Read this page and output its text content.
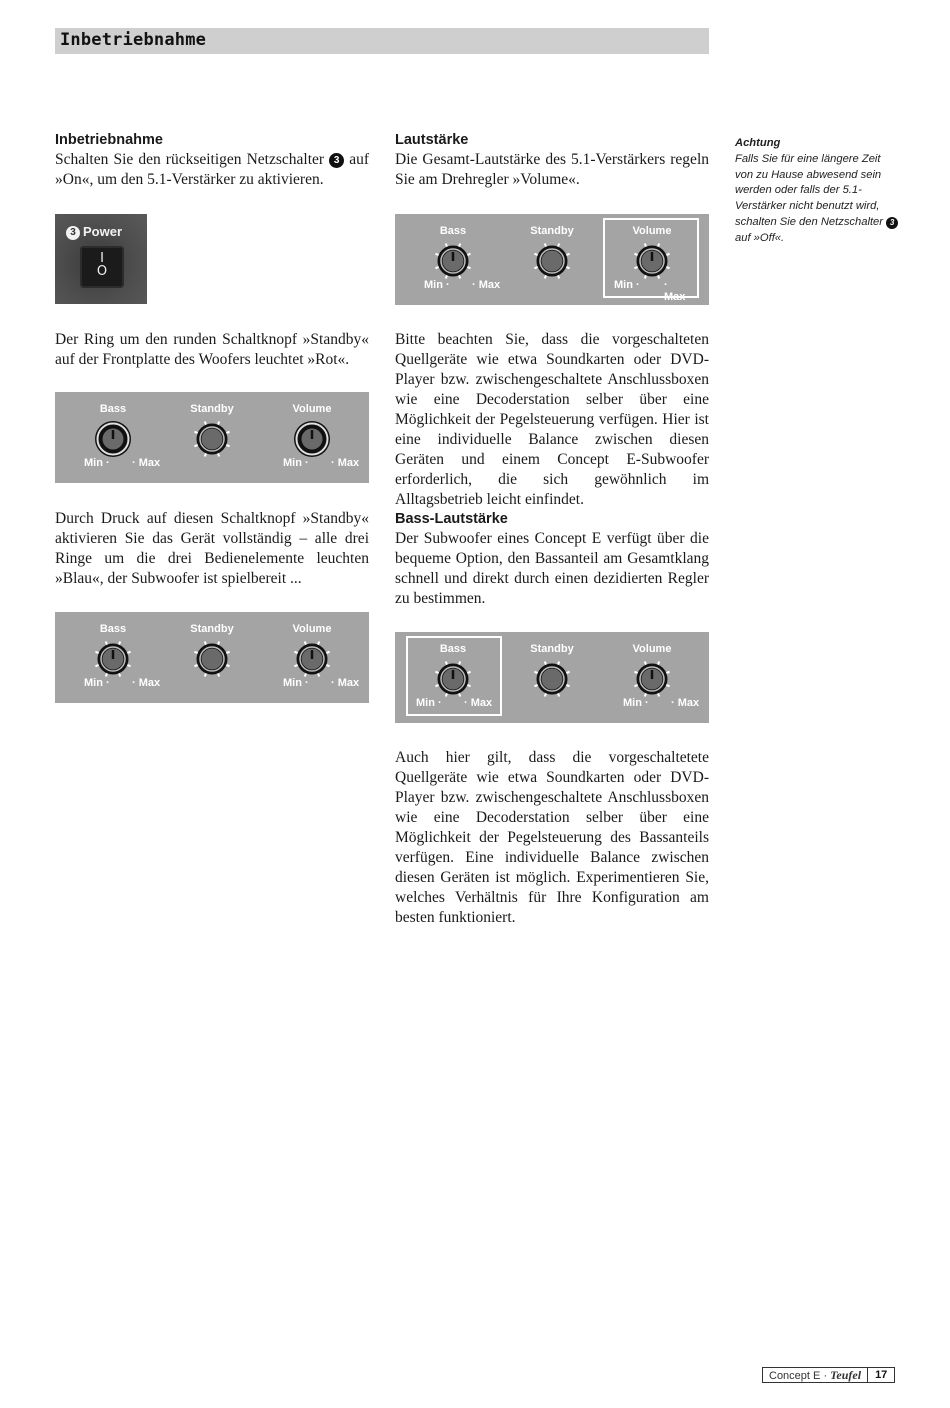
Inbetriebnahme
Inbetriebnahme
Schalten Sie den rückseitigen Netzschalter 3 auf »On«, um den 5.1-Verstärker zu aktivieren.
3 Power
I
O
Lautstärke
Die Gesamt-Lautstärke des 5.1-Verstärkers regeln Sie am Drehregler »Volume«.
Achtung
Falls Sie für eine längere Zeit von zu Hause abwesend sein werden oder falls der 5.1-Verstärker nicht benutzt wird, schalten Sie den Netzschalter 3 auf »Off«.
Bass
Min · · Max
Standby	Volume
Min · · Max
Der Ring um den runden Schaltknopf »Standby« auf der Frontplatte des Woofers leuchtet »Rot«.
Bass
Min · · Max
Standby	Volume
Min · · Max
Bitte beachten Sie, dass die vorgeschalteten Quellgeräte wie etwa Soundkarten oder DVD-Player bzw. zwischengeschaltete Anschlussboxen wie eine Decoderstation selber über eine Möglichkeit der Pegelsteuerung verfügen. Hier ist eine individuelle Balance zwischen diesen Geräten und einem Concept E-Subwoofer erforderlich, die sich gewöhnlich im Alltagsbetrieb leicht einfindet.
Durch Druck auf diesen Schaltknopf »Standby« aktivieren Sie das Gerät vollständig – alle drei Ringe um die drei Bedienelemente leuchten »Blau«, der Subwoofer ist spielbereit ...
Bass-Lautstärke
Der Subwoofer eines Concept E verfügt über die bequeme Option, den Bassanteil am Gesamtklang schnell und direkt durch einen dezidierten Regler zu bestimmen.
Bass
Min · · Max
Standby	Volume
Min · · Max
Bass
Min · · Max
Standby	Volume
Min · · Max
Auch hier gilt, dass die vorgeschaltetete Quellgeräte wie etwa Soundkarten oder DVD-Player bzw. zwischengeschaltete Anschlussboxen wie eine Decoderstation selber über eine Möglichkeit der Pegelsteuerung des Bassanteils verfügen. Eine individuelle Balance zwischen diesen Geräten ist möglich. Experimentieren Sie, welches Verhältnis für Ihre Konfiguration am besten funktioniert.
Concept E · Teufel	17
